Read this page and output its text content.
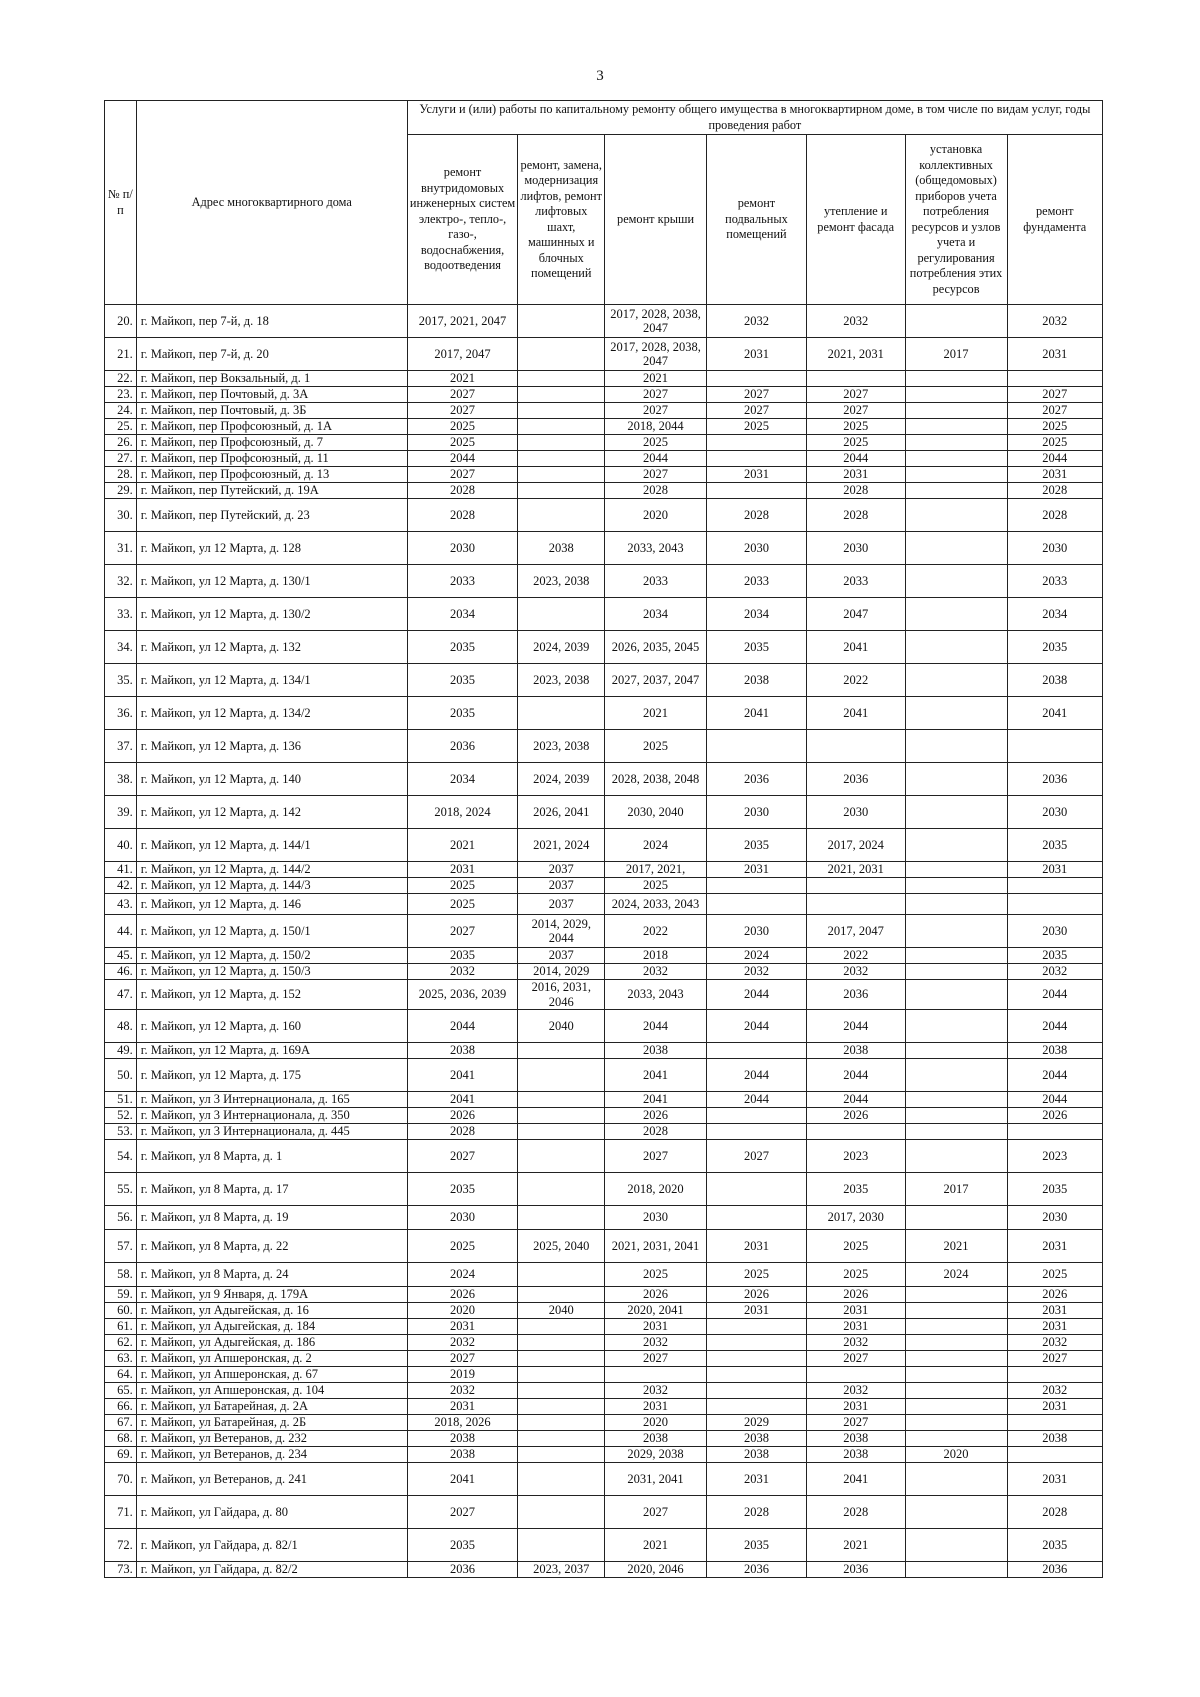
3
№ п/п	Адрес многоквартирного дома	Услуги и (или) работы по капитальному ремонту общего имущества в многоквартирном доме, в том числе по видам услуг, годы проведения работ						
		ремонт внутридомовых инженерных систем электро-, тепло-, газо-, водоснабжения, водоотведения	ремонт, замена, модернизация лифтов, ремонт лифтовых шахт, машинных и блочных помещений	ремонт крыши	ремонт подвальных помещений	утепление и ремонт фасада	установка коллективных (общедомовых) приборов учета потребления ресурсов и узлов учета и регулирования потребления этих ресурсов	ремонт фундамента
20.	г. Майкоп, пер 7-й, д. 18	2017, 2021, 2047		2017, 2028, 2038, 2047	2032	2032		2032
21.	г. Майкоп, пер 7-й, д. 20	2017, 2047		2017, 2028, 2038, 2047	2031	2021, 2031	2017	2031
22.	г. Майкоп, пер Вокзальный, д. 1	2021		2021				
23.	г. Майкоп, пер Почтовый, д. 3А	2027		2027	2027	2027		2027
24.	г. Майкоп, пер Почтовый, д. 3Б	2027		2027	2027	2027		2027
25.	г. Майкоп, пер Профсоюзный, д. 1А	2025		2018, 2044	2025	2025		2025
26.	г. Майкоп, пер Профсоюзный, д. 7	2025		2025		2025		2025
27.	г. Майкоп, пер Профсоюзный, д. 11	2044		2044		2044		2044
28.	г. Майкоп, пер Профсоюзный, д. 13	2027		2027	2031	2031		2031
29.	г. Майкоп, пер Путейский, д. 19А	2028		2028		2028		2028
30.	г. Майкоп, пер Путейский, д. 23	2028		2020	2028	2028		2028
31.	г. Майкоп, ул 12 Марта, д. 128	2030	2038	2033, 2043	2030	2030		2030
32.	г. Майкоп, ул 12 Марта, д. 130/1	2033	2023, 2038	2033	2033	2033		2033
33.	г. Майкоп, ул 12 Марта, д. 130/2	2034		2034	2034	2047		2034
34.	г. Майкоп, ул 12 Марта, д. 132	2035	2024, 2039	2026, 2035, 2045	2035	2041		2035
35.	г. Майкоп, ул 12 Марта, д. 134/1	2035	2023, 2038	2027, 2037, 2047	2038	2022		2038
36.	г. Майкоп, ул 12 Марта, д. 134/2	2035		2021	2041	2041		2041
37.	г. Майкоп, ул 12 Марта, д. 136	2036	2023, 2038	2025				
38.	г. Майкоп, ул 12 Марта, д. 140	2034	2024, 2039	2028, 2038, 2048	2036	2036		2036
39.	г. Майкоп, ул 12 Марта, д. 142	2018, 2024	2026, 2041	2030, 2040	2030	2030		2030
40.	г. Майкоп, ул 12 Марта, д. 144/1	2021	2021, 2024	2024	2035	2017, 2024		2035
41.	г. Майкоп, ул 12 Марта, д. 144/2	2031	2037	2017, 2021,	2031	2021, 2031		2031
42.	г. Майкоп, ул 12 Марта, д. 144/3	2025	2037	2025				
43.	г. Майкоп, ул 12 Марта, д. 146	2025	2037	2024, 2033, 2043				
44.	г. Майкоп, ул 12 Марта, д. 150/1	2027	2014, 2029, 2044	2022	2030	2017, 2047		2030
45.	г. Майкоп, ул 12 Марта, д. 150/2	2035	2037	2018	2024	2022		2035
46.	г. Майкоп, ул 12 Марта, д. 150/3	2032	2014, 2029	2032	2032	2032		2032
47.	г. Майкоп, ул 12 Марта, д. 152	2025, 2036, 2039	2016, 2031, 2046	2033, 2043	2044	2036		2044
48.	г. Майкоп, ул 12 Марта, д. 160	2044	2040	2044	2044	2044		2044
49.	г. Майкоп, ул 12 Марта, д. 169А	2038		2038		2038		2038
50.	г. Майкоп, ул 12 Марта, д. 175	2041		2041	2044	2044		2044
51.	г. Майкоп, ул 3 Интернационала, д. 165	2041		2041	2044	2044		2044
52.	г. Майкоп, ул 3 Интернационала, д. 350	2026		2026		2026		2026
53.	г. Майкоп, ул 3 Интернационала, д. 445	2028		2028				
54.	г. Майкоп, ул 8 Марта, д. 1	2027		2027	2027	2023		2023
55.	г. Майкоп, ул 8 Марта, д. 17	2035		2018, 2020		2035	2017	2035
56.	г. Майкоп, ул 8 Марта, д. 19	2030		2030		2017, 2030		2030
57.	г. Майкоп, ул 8 Марта, д. 22	2025	2025, 2040	2021, 2031, 2041	2031	2025	2021	2031
58.	г. Майкоп, ул 8 Марта, д. 24	2024		2025	2025	2025	2024	2025
59.	г. Майкоп, ул 9 Января, д. 179А	2026		2026	2026	2026		2026
60.	г. Майкоп, ул Адыгейская, д. 16	2020	2040	2020, 2041	2031	2031		2031
61.	г. Майкоп, ул Адыгейская, д. 184	2031		2031		2031		2031
62.	г. Майкоп, ул Адыгейская, д. 186	2032		2032		2032		2032
63.	г. Майкоп, ул Апшеронская, д. 2	2027		2027		2027		2027
64.	г. Майкоп, ул Апшеронская, д. 67	2019						
65.	г. Майкоп, ул Апшеронская, д. 104	2032		2032		2032		2032
66.	г. Майкоп, ул Батарейная, д. 2А	2031		2031		2031		2031
67.	г. Майкоп, ул Батарейная, д. 2Б	2018, 2026		2020	2029	2027		
68.	г. Майкоп, ул Ветеранов, д. 232	2038		2038	2038	2038		2038
69.	г. Майкоп, ул Ветеранов, д. 234	2038		2029, 2038	2038	2038	2020	
70.	г. Майкоп, ул Ветеранов, д. 241	2041		2031, 2041	2031	2041		2031
71.	г. Майкоп, ул Гайдара, д. 80	2027		2027	2028	2028		2028
72.	г. Майкоп, ул Гайдара, д. 82/1	2035		2021	2035	2021		2035
73.	г. Майкоп, ул Гайдара, д. 82/2	2036	2023, 2037	2020, 2046	2036	2036		2036
